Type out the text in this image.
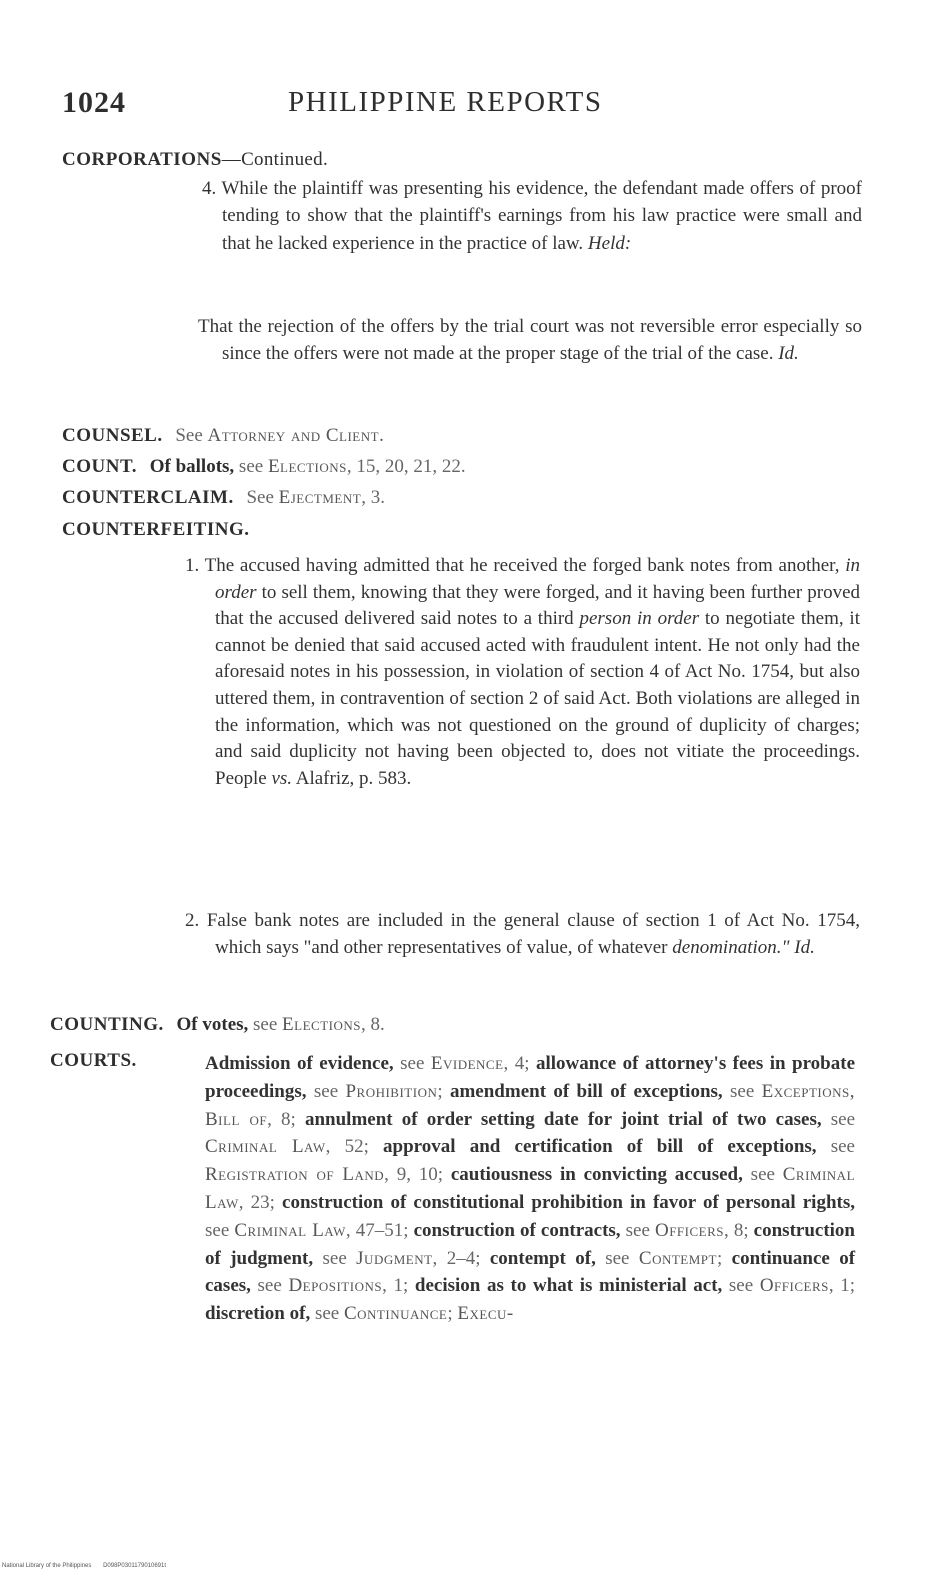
1024	PHILIPPINE REPORTS
CORPORATIONS—Continued.
4. While the plaintiff was presenting his evidence, the defendant made offers of proof tending to show that the plaintiff's earnings from his law practice were small and that he lacked experience in the practice of law. Held:
That the rejection of the offers by the trial court was not reversible error especially so since the offers were not made at the proper stage of the trial of the case. Id.
COUNSEL. See Attorney and Client.
COUNT. Of ballots, see Elections, 15, 20, 21, 22.
COUNTERCLAIM. See Ejectment, 3.
COUNTERFEITING.
1. The accused having admitted that he received the forged bank notes from another, in order to sell them, knowing that they were forged, and it having been further proved that the accused delivered said notes to a third person in order to negotiate them, it cannot be denied that said accused acted with fraudulent intent. He not only had the aforesaid notes in his possession, in violation of section 4 of Act No. 1754, but also uttered them, in contravention of section 2 of said Act. Both violations are alleged in the information, which was not questioned on the ground of duplicity of charges; and said duplicity not having been objected to, does not vitiate the proceedings. People vs. Alafriz, p. 583.
2. False bank notes are included in the general clause of section 1 of Act No. 1754, which says "and other representatives of value, of whatever denomination." Id.
COUNTING. Of votes, see Elections, 8.
COURTS.	Admission of evidence, see Evidence, 4; allowance of attorney's fees in probate proceedings, see Prohibition; amendment of bill of exceptions, see Exceptions, Bill of, 8; annulment of order setting date for joint trial of two cases, see Criminal Law, 52; approval and certification of bill of exceptions, see Registration of Land, 9, 10; cautiousness in convicting accused, see Criminal Law, 23; construction of constitutional prohibition in favor of personal rights, see Criminal Law, 47–51; construction of contracts, see Officers, 8; construction of judgment, see Judgment, 2–4; contempt of, see Contempt; continuance of cases, see Depositions, 1; decision as to what is ministerial act, see Officers, 1; discretion of, see Continuance; Execu-
National Library of the Philippines D098P0301179010691t
